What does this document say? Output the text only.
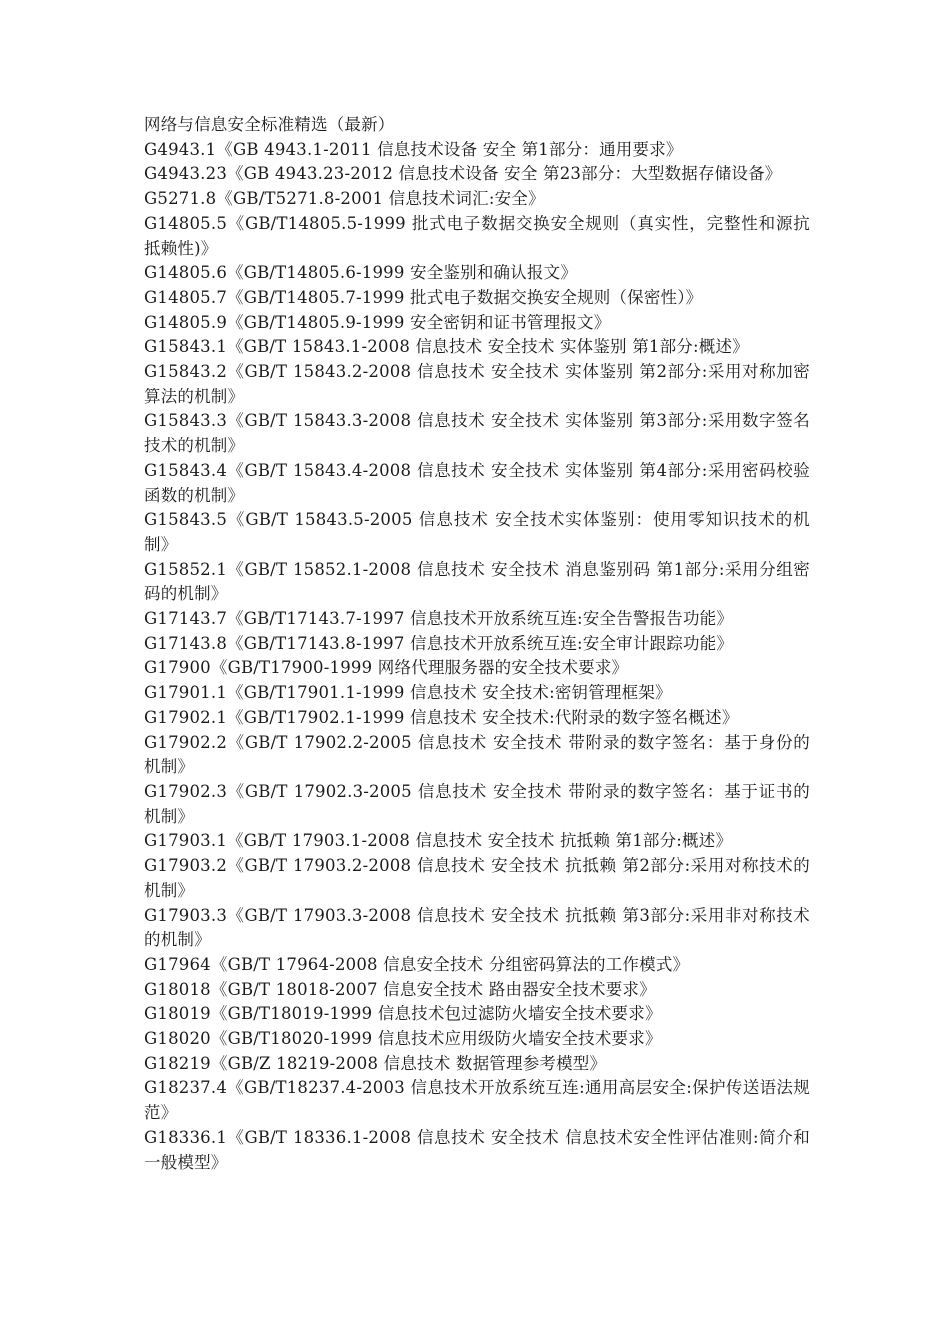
网络与信息安全标准精选（最新）
G4943.1《GB 4943.1-2011 信息技术设备 安全 第1部分：通用要求》
G4943.23《GB 4943.23-2012 信息技术设备 安全 第23部分：大型数据存储设备》
G5271.8《GB/T5271.8-2001 信息技术词汇:安全》
G14805.5《GB/T14805.5-1999 批式电子数据交换安全规则（真实性，完整性和源抗抵赖性)》
G14805.6《GB/T14805.6-1999 安全鉴别和确认报文》
G14805.7《GB/T14805.7-1999 批式电子数据交换安全规则（保密性）》
G14805.9《GB/T14805.9-1999 安全密钥和证书管理报文》
G15843.1《GB/T 15843.1-2008 信息技术 安全技术 实体鉴别 第1部分:概述》
G15843.2《GB/T 15843.2-2008 信息技术 安全技术 实体鉴别 第2部分:采用对称加密算法的机制》
G15843.3《GB/T 15843.3-2008 信息技术 安全技术 实体鉴别 第3部分:采用数字签名技术的机制》
G15843.4《GB/T 15843.4-2008 信息技术 安全技术 实体鉴别 第4部分:采用密码校验函数的机制》
G15843.5《GB/T 15843.5-2005 信息技术 安全技术实体鉴别：使用零知识技术的机制》
G15852.1《GB/T 15852.1-2008 信息技术 安全技术 消息鉴别码 第1部分:采用分组密码的机制》
G17143.7《GB/T17143.7-1997 信息技术开放系统互连:安全告警报告功能》
G17143.8《GB/T17143.8-1997 信息技术开放系统互连:安全审计跟踪功能》
G17900《GB/T17900-1999 网络代理服务器的安全技术要求》
G17901.1《GB/T17901.1-1999 信息技术 安全技术:密钥管理框架》
G17902.1《GB/T17902.1-1999 信息技术 安全技术:代附录的数字签名概述》
G17902.2《GB/T 17902.2-2005 信息技术 安全技术 带附录的数字签名：基于身份的机制》
G17902.3《GB/T 17902.3-2005 信息技术 安全技术 带附录的数字签名：基于证书的机制》
G17903.1《GB/T 17903.1-2008 信息技术 安全技术 抗抵赖 第1部分:概述》
G17903.2《GB/T 17903.2-2008 信息技术 安全技术 抗抵赖 第2部分:采用对称技术的机制》
G17903.3《GB/T 17903.3-2008 信息技术 安全技术 抗抵赖 第3部分:采用非对称技术的机制》
G17964《GB/T 17964-2008 信息安全技术 分组密码算法的工作模式》
G18018《GB/T 18018-2007 信息安全技术 路由器安全技术要求》
G18019《GB/T18019-1999 信息技术包过滤防火墙安全技术要求》
G18020《GB/T18020-1999 信息技术应用级防火墙安全技术要求》
G18219《GB/Z 18219-2008 信息技术 数据管理参考模型》
G18237.4《GB/T18237.4-2003 信息技术开放系统互连:通用高层安全:保护传送语法规范》
G18336.1《GB/T 18336.1-2008 信息技术 安全技术 信息技术安全性评估准则:简介和一般模型》
